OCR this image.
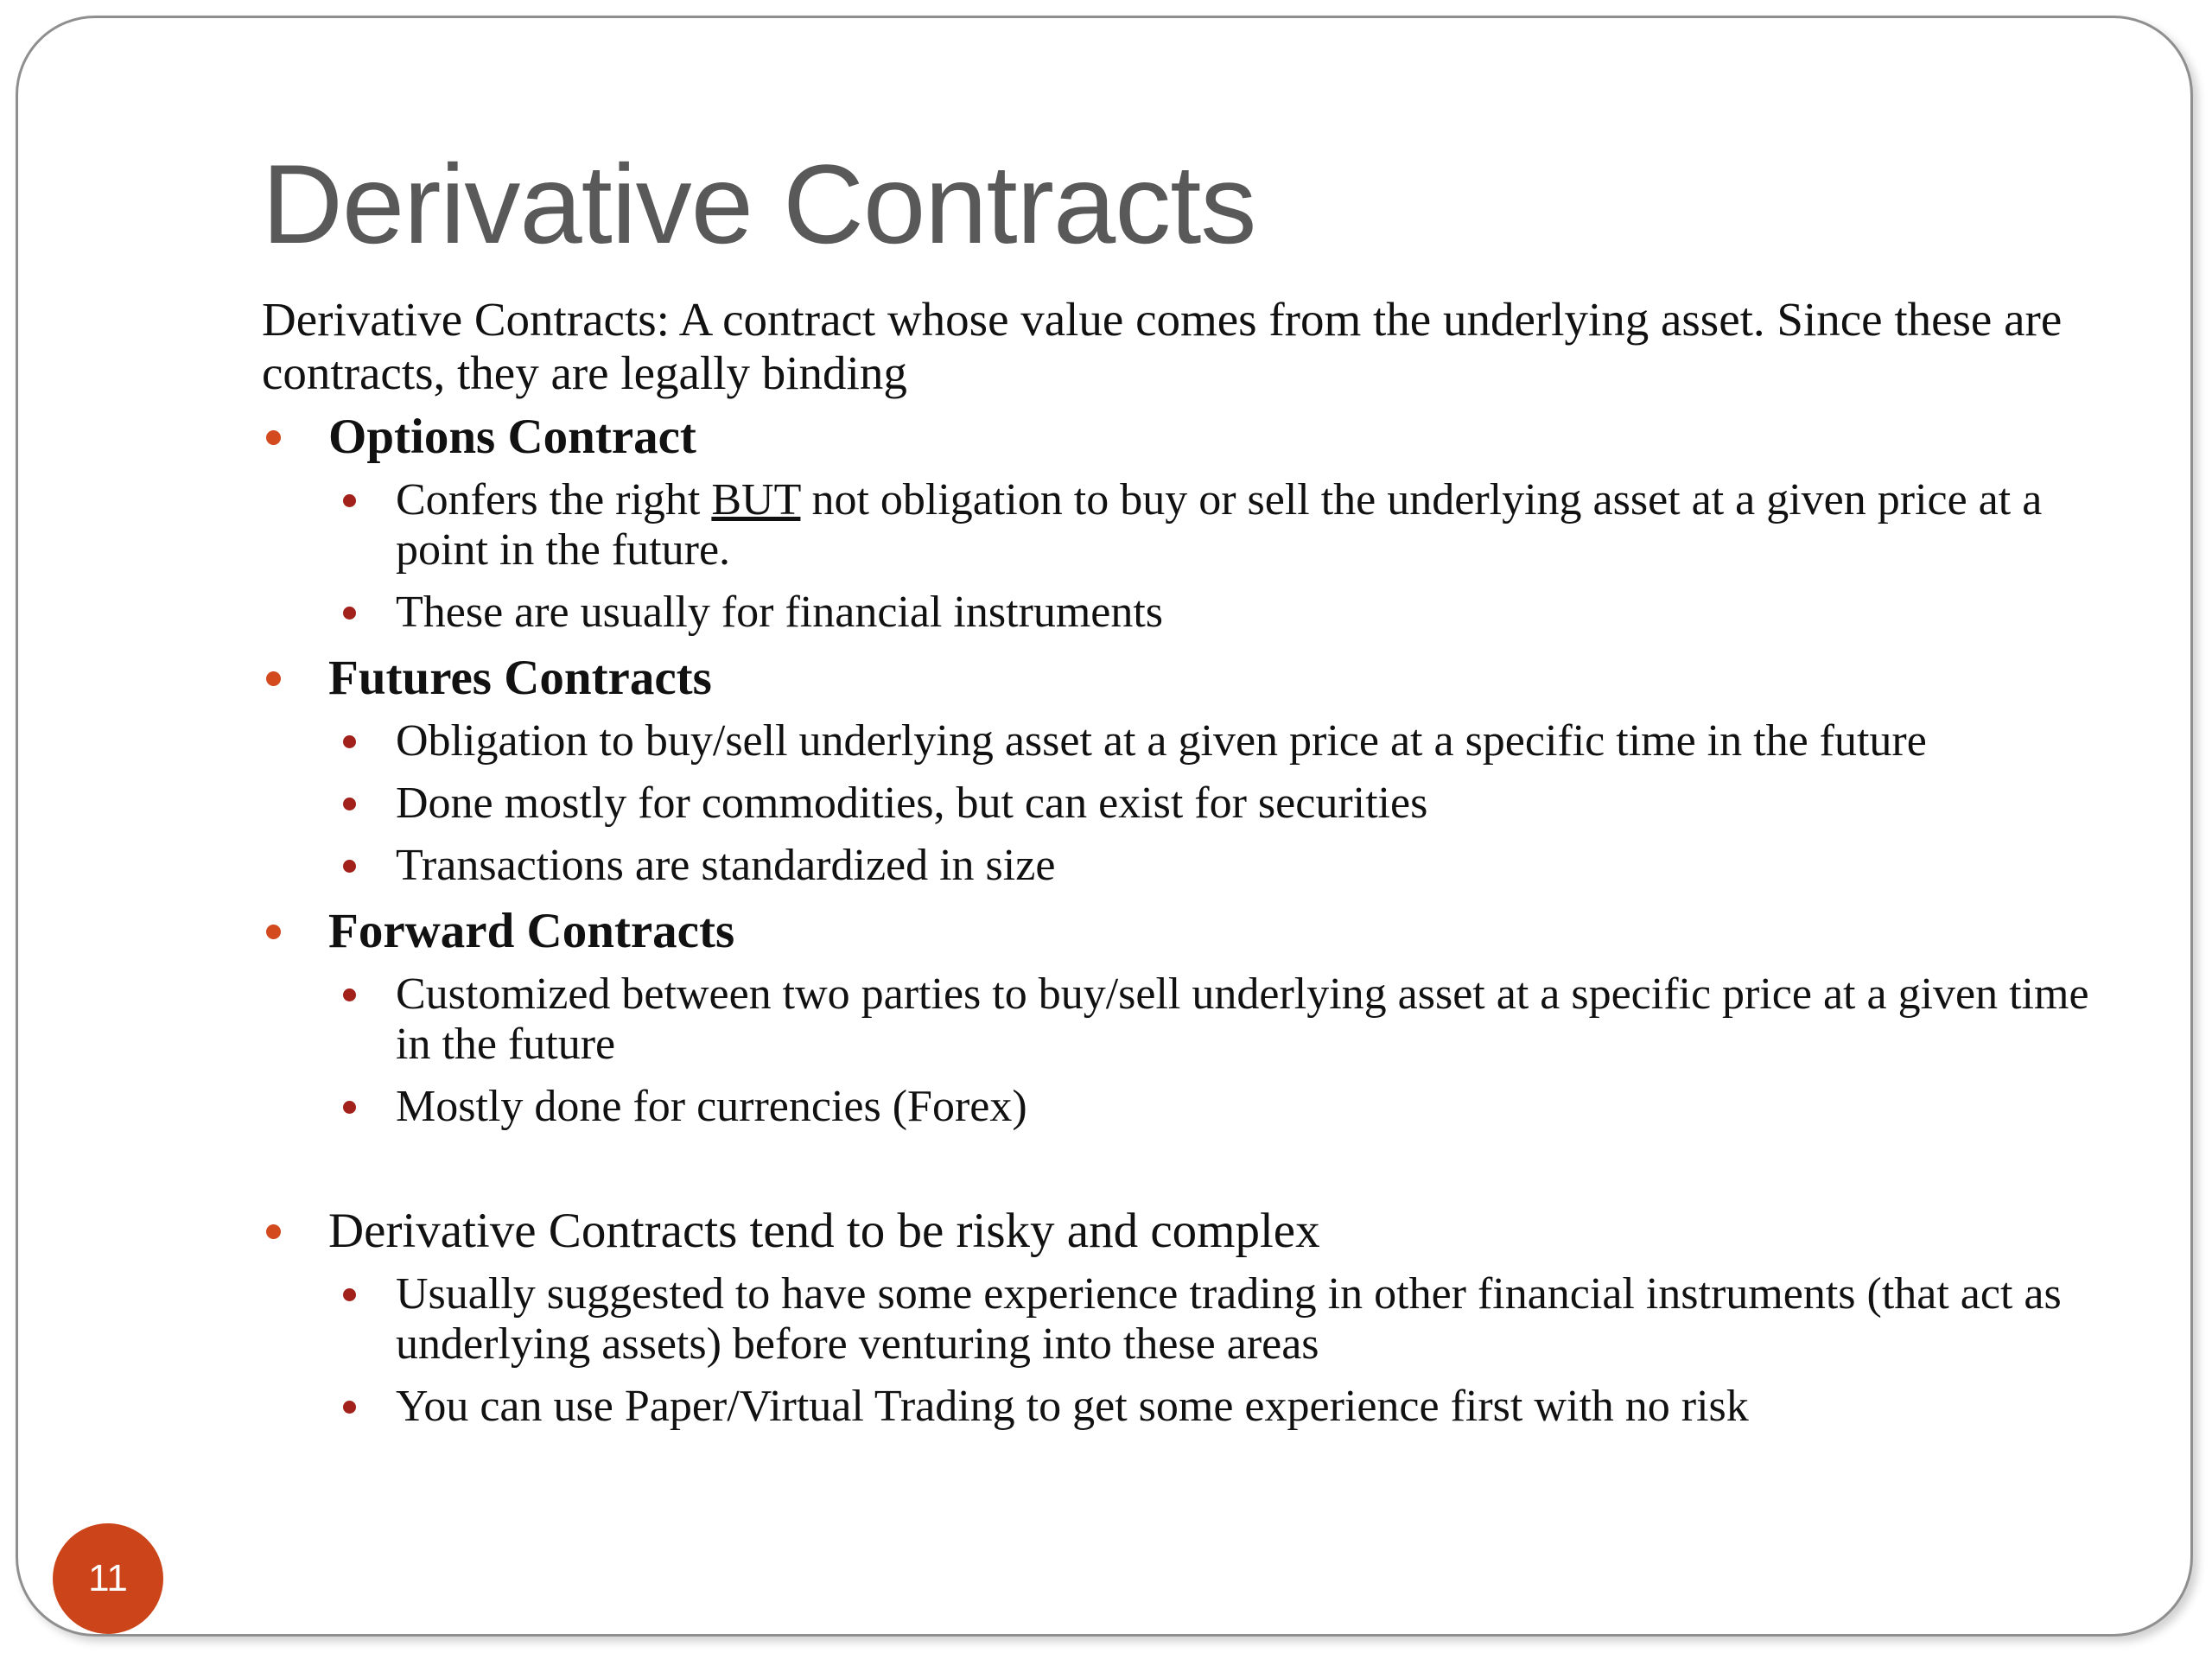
Derivative Contracts

Derivative Contracts: A contract whose value comes from the underlying asset. Since these are contracts, they are legally binding

Options Contract
Confers the right BUT not obligation to buy or sell the underlying asset at a given price at a point in the future.
These are usually for financial instruments
Futures Contracts
Obligation to buy/sell underlying asset at a given price at a specific time in the future
Done mostly for commodities, but can exist for securities
Transactions are standardized in size
Forward Contracts
Customized between two parties to buy/sell underlying asset at a specific price at a given time in the future
Mostly done for currencies (Forex)
Derivative Contracts tend to be risky and complex
Usually suggested to have some experience trading in other financial instruments (that act as underlying assets) before venturing into these areas
You can use Paper/Virtual Trading to get some experience first with no risk
11
